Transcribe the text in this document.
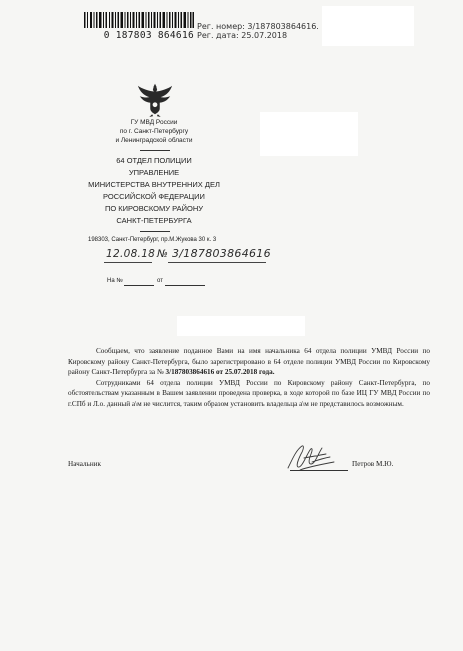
0 187803 864616
Рег. номер: 3/187803864616.
Рег. дата: 25.07.2018
ГУ МВД России
по г. Санкт-Петербургу
и Ленинградской области
64 ОТДЕЛ ПОЛИЦИИ
УПРАВЛЕНИЕ
МИНИСТЕРСТВА ВНУТРЕННИХ ДЕЛ
РОССИЙСКОЙ ФЕДЕРАЦИИ
ПО КИРОВСКОМУ РАЙОНУ
САНКТ-ПЕТЕРБУРГА
198303, Санкт-Петербург, пр.М.Жукова 30 к. 3
12.08.18 № 3/187803864616
На №	от

Сообщаем, что заявление поданное Вами на имя начальника 64 отдела полиции УМВД России по Кировскому району Санкт-Петербурга, было зарегистрировано в 64 отделе полиции УМВД России по Кировскому району Санкт-Петербурга за № 3/187803864616 от 25.07.2018 года.

Сотрудниками 64 отдела полиции УМВД России по Кировскому району Санкт-Петербурга, по обстоятельствам указанным в Вашем заявлении проведена проверка, в ходе которой по базе ИЦ ГУ МВД России по г.СПб и Л.о. данный а\м не числится, таким образом установить владельца а\м не представилось возможным.

Начальник	Петров М.Ю.
